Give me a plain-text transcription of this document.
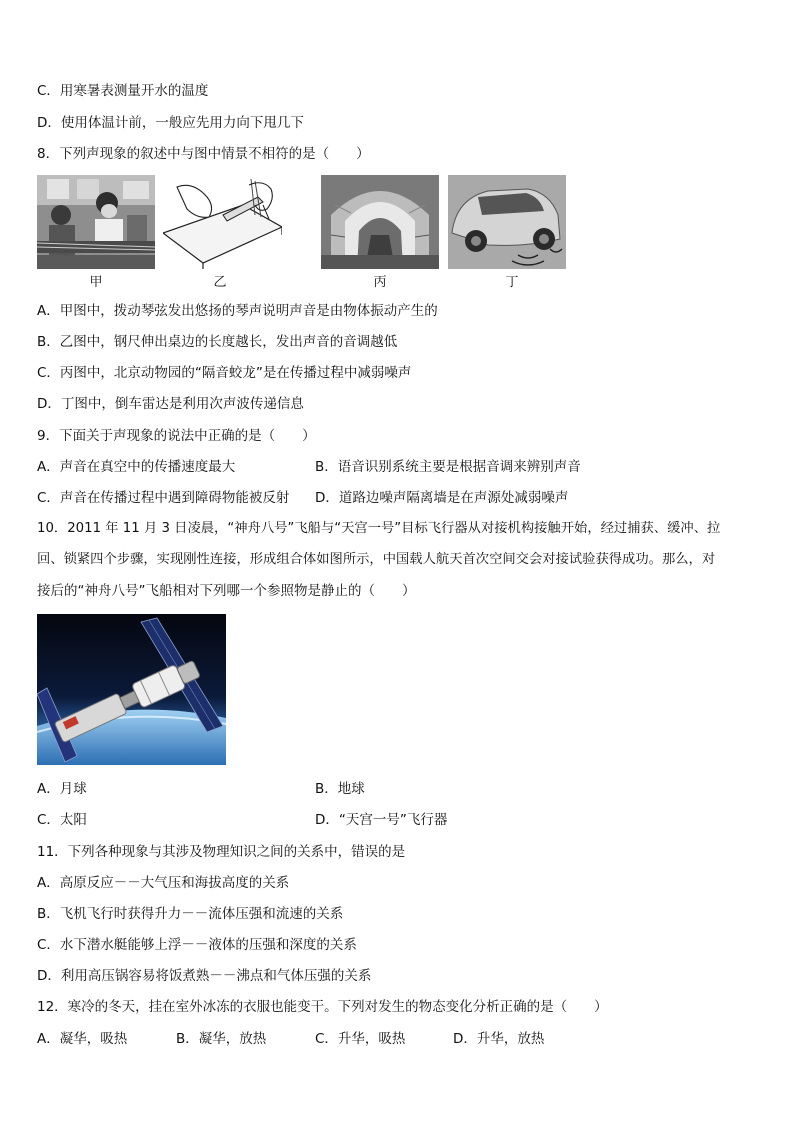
C．用寒暑表测量开水的温度
D．使用体温计前，一般应先用力向下甩几下
8．下列声现象的叙述中与图中情景不相符的是（　　）
甲	乙	丙	丁
A．甲图中，拨动琴弦发出悠扬的琴声说明声音是由物体振动产生的
B．乙图中，钢尺伸出桌边的长度越长，发出声音的音调越低
C．丙图中，北京动物园的“隔音蛟龙”是在传播过程中减弱噪声
D．丁图中，倒车雷达是利用次声波传递信息
9．下面关于声现象的说法中正确的是（　　）
A．声音在真空中的传播速度最大	B．语音识别系统主要是根据音调来辨别声音
C．声音在传播过程中遇到障碍物能被反射 D．道路边噪声隔离墙是在声源处减弱噪声
10．2011 年 11 月 3 日凌晨，“神舟八号”飞船与“天宫一号”目标飞行器从对接机构接触开始，经过捕获、缓冲、拉
回、锁紧四个步骤，实现刚性连接，形成组合体如图所示，中国载人航天首次空间交会对接试验获得成功。那么，对
接后的“神舟八号”飞船相对下列哪一个参照物是静止的（　　）
A．月球	B．地球
C．太阳	D．“天宫一号”飞行器
11．下列各种现象与其涉及物理知识之间的关系中，错误的是
A．高原反应－－大气压和海拔高度的关系
B．飞机飞行时获得升力－－流体压强和流速的关系
C．水下潜水艇能够上浮－－液体的压强和深度的关系
D．利用高压锅容易将饭煮熟－－沸点和气体压强的关系
12．寒冷的冬天，挂在室外冰冻的衣服也能变干。下列对发生的物态变化分析正确的是（　　）
A．凝华，吸热	B．凝华，放热	C．升华，吸热	D．升华，放热
